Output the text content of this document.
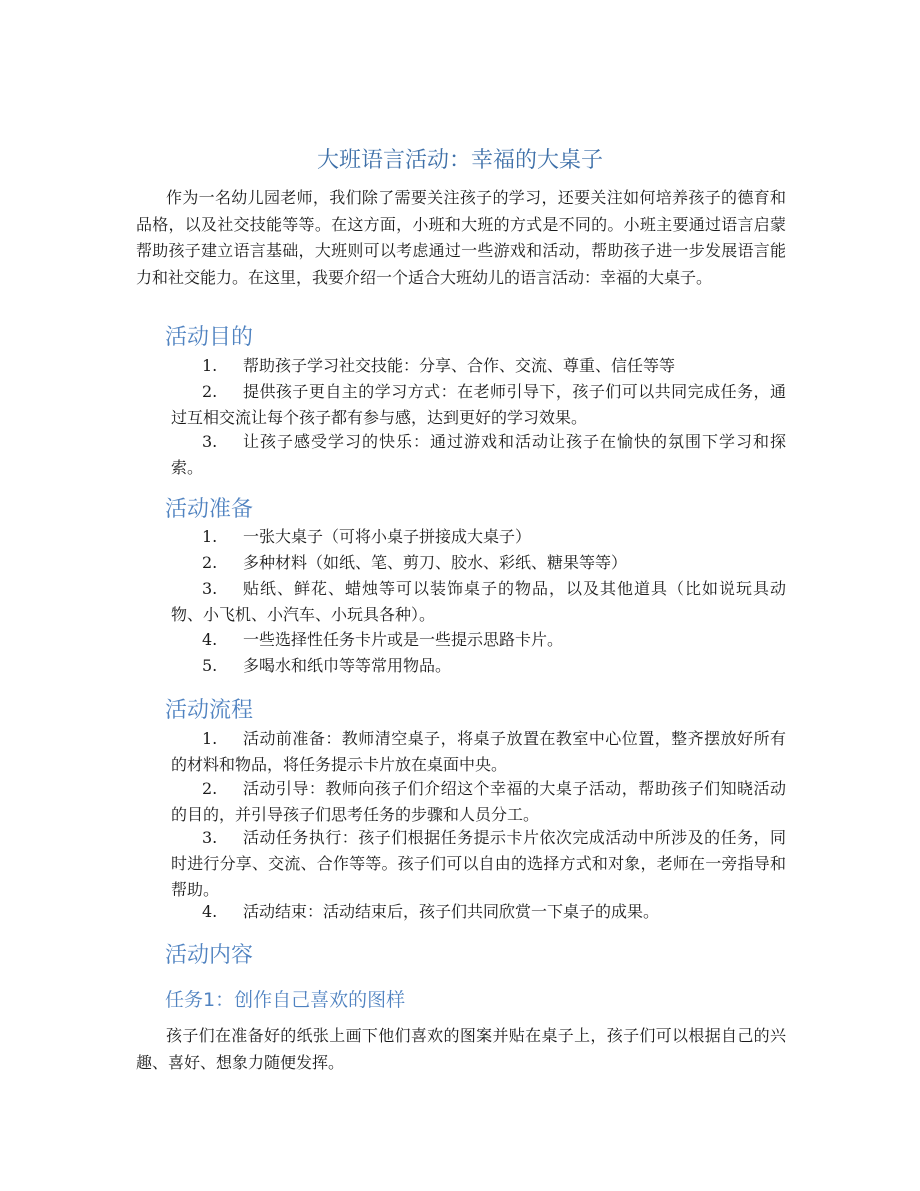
大班语言活动：幸福的大桌子

作为一名幼儿园老师，我们除了需要关注孩子的学习，还要关注如何培养孩子的德育和品格，以及社交技能等等。在这方面，小班和大班的方式是不同的。小班主要通过语言启蒙帮助孩子建立语言基础，大班则可以考虑通过一些游戏和活动，帮助孩子进一步发展语言能力和社交能力。在这里，我要介绍一个适合大班幼儿的语言活动：幸福的大桌子。

活动目的
1.	帮助孩子学习社交技能：分享、合作、交流、尊重、信任等等
2.	提供孩子更自主的学习方式：在老师引导下，孩子们可以共同完成任务，通过互相交流让每个孩子都有参与感，达到更好的学习效果。
3.	让孩子感受学习的快乐：通过游戏和活动让孩子在愉快的氛围下学习和探索。
活动准备
1.	一张大桌子（可将小桌子拼接成大桌子）
2.	多种材料（如纸、笔、剪刀、胶水、彩纸、糖果等等）
3.	贴纸、鲜花、蜡烛等可以装饰桌子的物品，以及其他道具（比如说玩具动物、小飞机、小汽车、小玩具各种）。
4.	一些选择性任务卡片或是一些提示思路卡片。
5.	多喝水和纸巾等等常用物品。
活动流程
1.	活动前准备：教师清空桌子，将桌子放置在教室中心位置，整齐摆放好所有的材料和物品，将任务提示卡片放在桌面中央。
2.	活动引导：教师向孩子们介绍这个幸福的大桌子活动，帮助孩子们知晓活动的目的，并引导孩子们思考任务的步骤和人员分工。
3.	活动任务执行：孩子们根据任务提示卡片依次完成活动中所涉及的任务，同时进行分享、交流、合作等等。孩子们可以自由的选择方式和对象，老师在一旁指导和帮助。
4.	活动结束：活动结束后，孩子们共同欣赏一下桌子的成果。
活动内容
任务1：创作自己喜欢的图样

孩子们在准备好的纸张上画下他们喜欢的图案并贴在桌子上，孩子们可以根据自己的兴趣、喜好、想象力随便发挥。
